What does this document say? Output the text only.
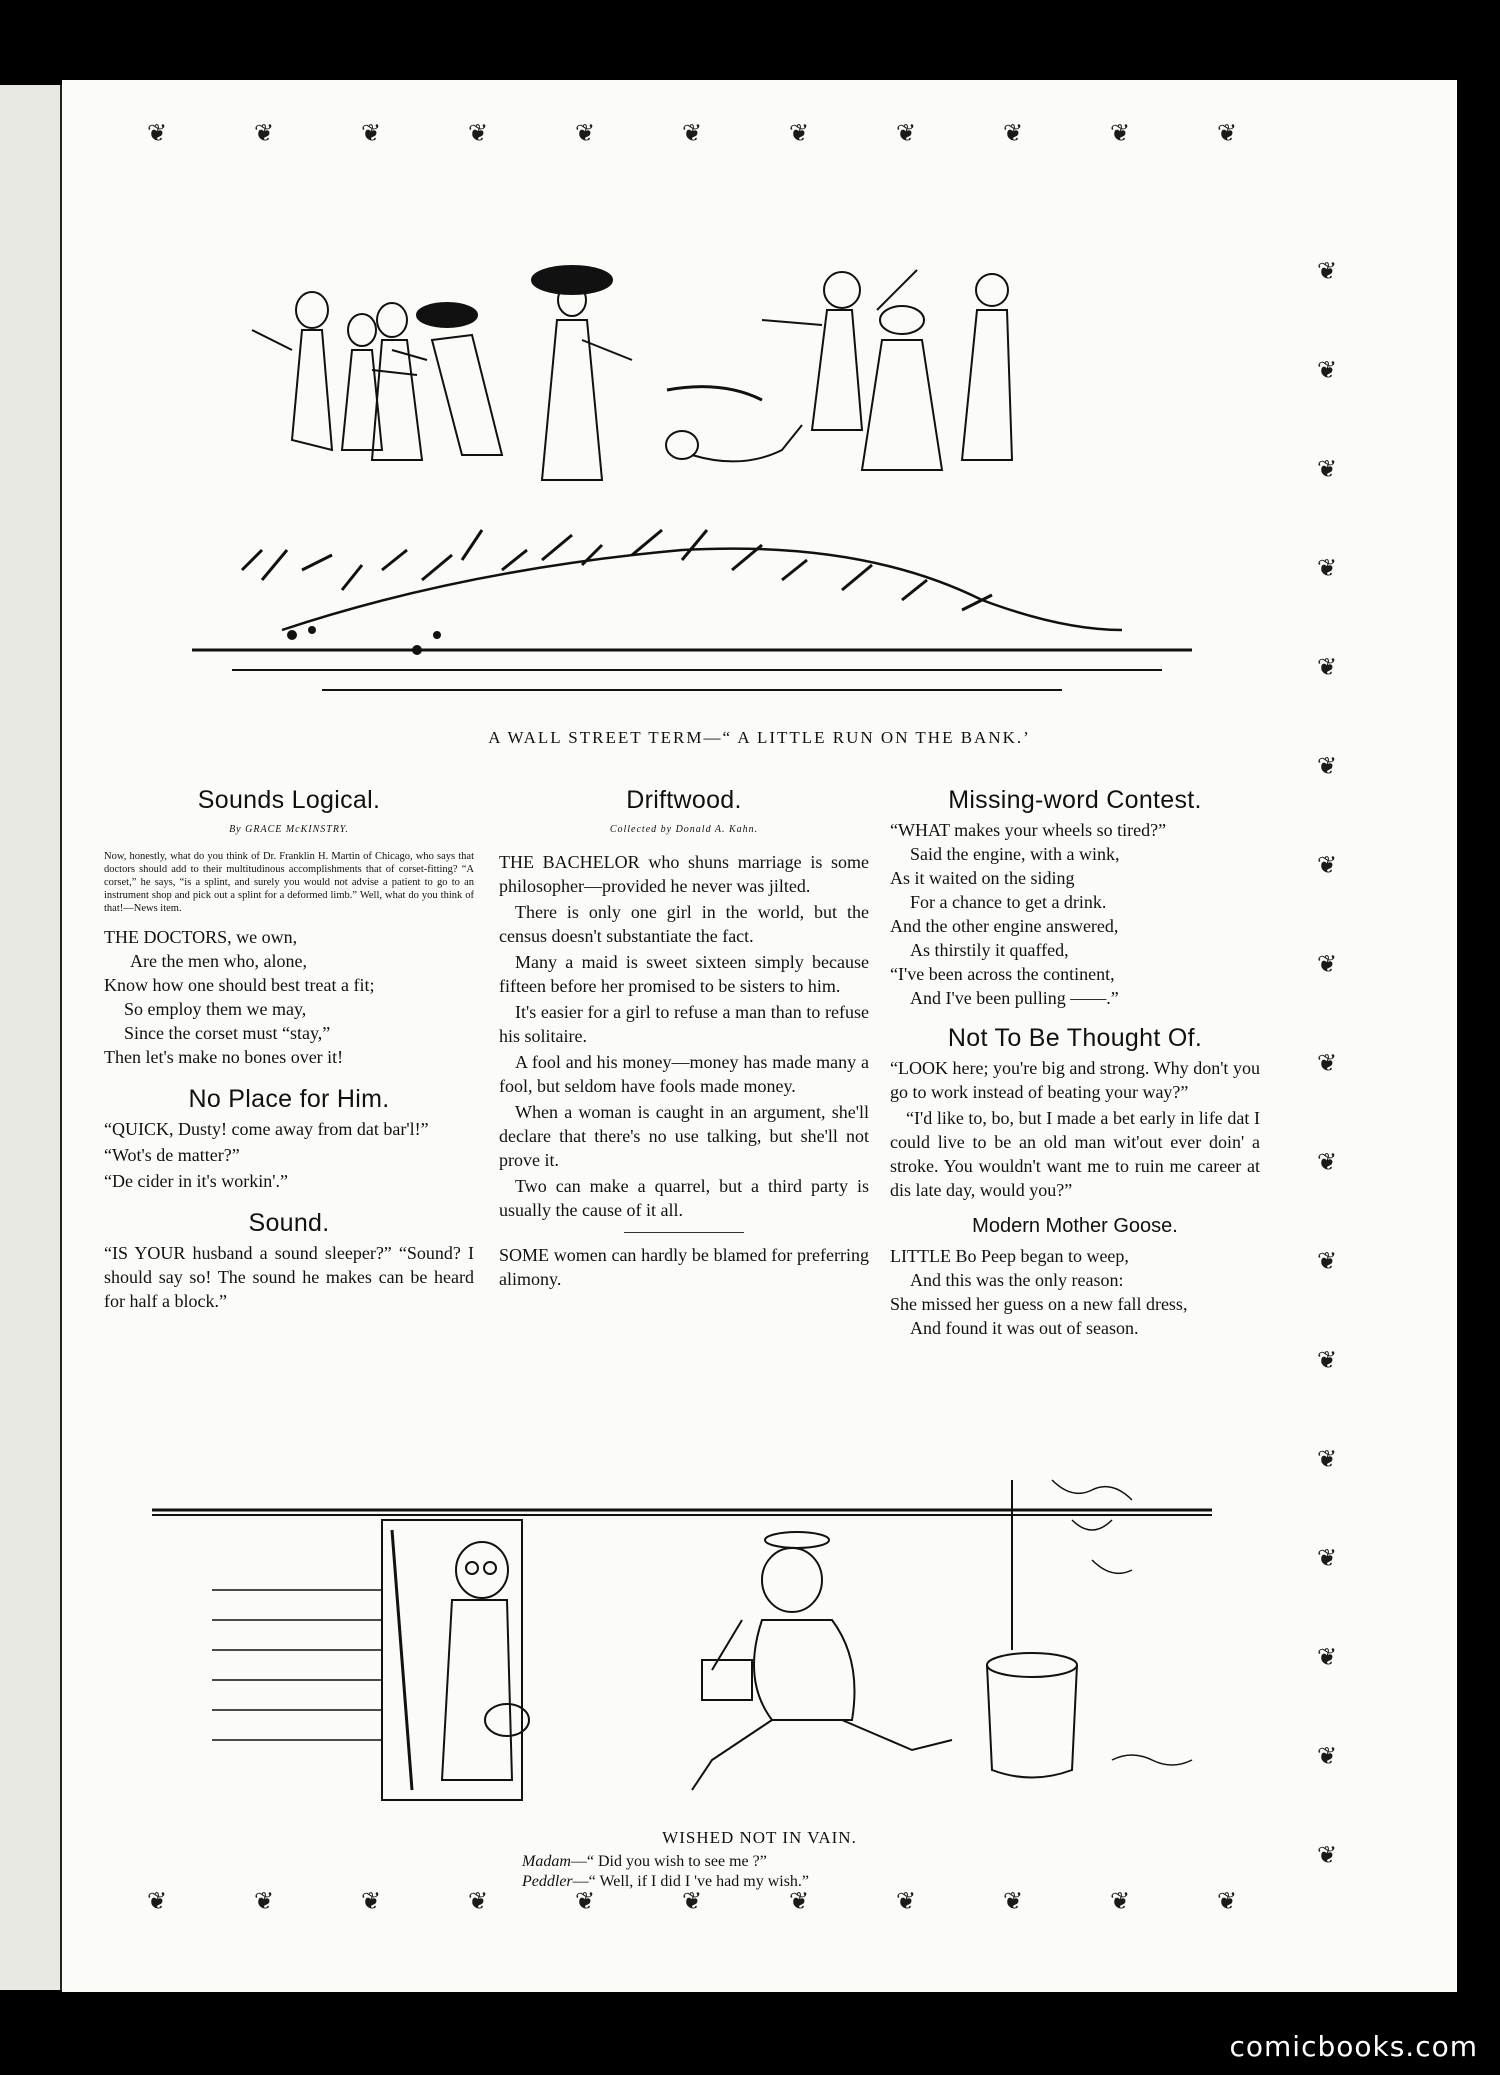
❦	❦	❦	❦	❦	❦	❦	❦	❦	❦	❦
❦
❦
❦
❦
❦
❦
❦
❦
❦
❦
❦
❦
❦
❦
❦
❦
❦
❦	❦	❦	❦	❦	❦	❦	❦	❦	❦	❦
A WALL STREET TERM—“ A LITTLE RUN ON THE BANK.’
Sounds Logical.
By GRACE McKINSTRY.
Now, honestly, what do you think of Dr. Franklin H. Martin of Chicago, who says that doctors should add to their multitudinous accomplishments that of corset-fitting? “A corset,” he says, “is a splint, and surely you would not advise a patient to go to an instrument shop and pick out a splint for a deformed limb.” Well, what do you think of that!—News item.
THE DOCTORS, we own,
Are the men who, alone,
Know how one should best treat a fit;
So employ them we may,
Since the corset must “stay,”
Then let's make no bones over it!
No Place for Him.
“QUICK, Dusty! come away from dat bar'l!”
“Wot's de matter?”
“De cider in it's workin'.”
Sound.
“IS YOUR husband a sound sleeper?” “Sound? I should say so! The sound he makes can be heard for half a block.”
Driftwood.
Collected by Donald A. Kahn.
THE BACHELOR who shuns marriage is some philosopher—provided he never was jilted.
There is only one girl in the world, but the census doesn't substantiate the fact.
Many a maid is sweet sixteen simply because fifteen before her promised to be sisters to him.
It's easier for a girl to refuse a man than to refuse his solitaire.
A fool and his money—money has made many a fool, but seldom have fools made money.
When a woman is caught in an argument, she'll declare that there's no use talking, but she'll not prove it.
Two can make a quarrel, but a third party is usually the cause of it all.
SOME women can hardly be blamed for preferring alimony.
Missing-word Contest.
“WHAT makes your wheels so tired?”
Said the engine, with a wink,
As it waited on the siding
For a chance to get a drink.
And the other engine answered,
As thirstily it quaffed,
“I've been across the continent,
And I've been pulling ——.”
Not To Be Thought Of.
“LOOK here; you're big and strong. Why don't you go to work instead of beating your way?”
“I'd like to, bo, but I made a bet early in life dat I could live to be an old man wit'out ever doin' a stroke. You wouldn't want me to ruin me career at dis late day, would you?”
Modern Mother Goose.
LITTLE Bo Peep began to weep,
And this was the only reason:
She missed her guess on a new fall dress,
And found it was out of season.
WISHED NOT IN VAIN.
Madam—“ Did you wish to see me ?”
Peddler—“ Well, if I did I 've had my wish.”
comicbooks.com
